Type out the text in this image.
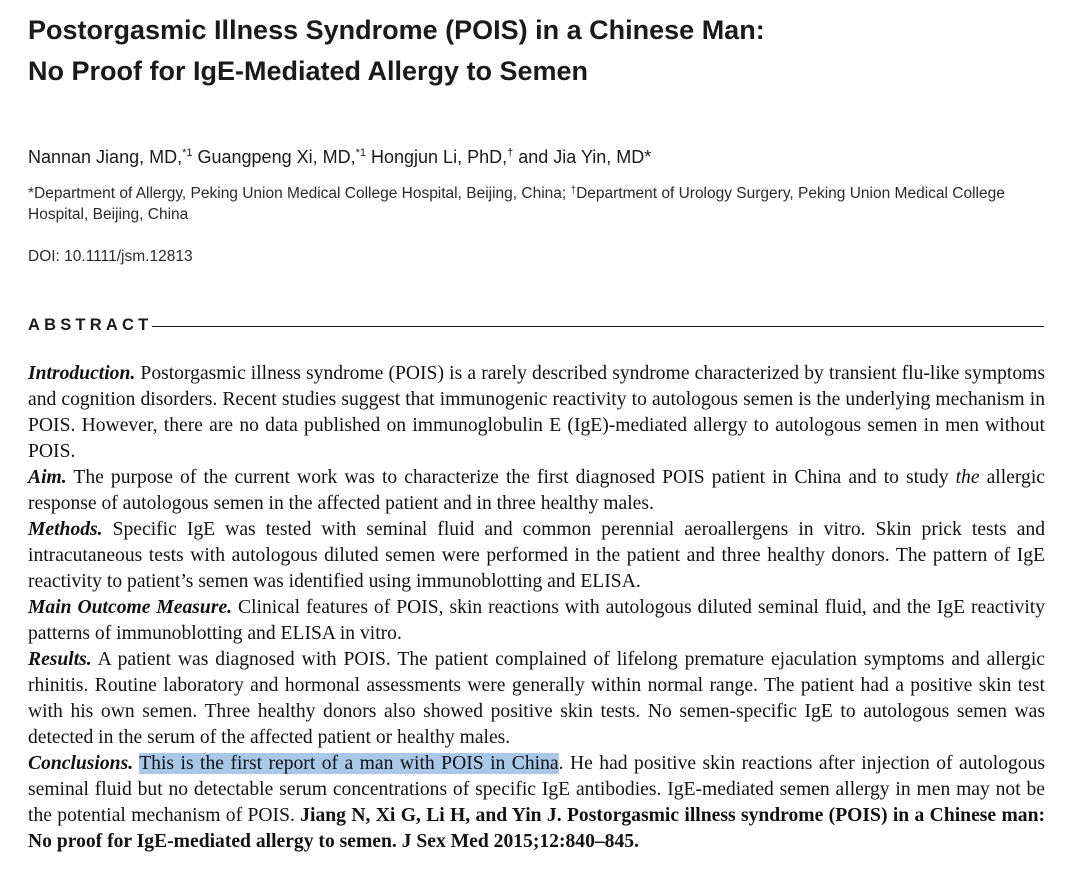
Postorgasmic Illness Syndrome (POIS) in a Chinese Man:
No Proof for IgE-Mediated Allergy to Semen
Nannan Jiang, MD,$^{*1}$ Guangpeng Xi, MD,$^{*1}$ Hongjun Li, PhD,† and Jia Yin, MD*
*Department of Allergy, Peking Union Medical College Hospital, Beijing, China; †Department of Urology Surgery, Peking Union Medical College Hospital, Beijing, China
DOI: 10.1111/jsm.12813
ABSTRACT

Introduction. Postorgasmic illness syndrome (POIS) is a rarely described syndrome characterized by transient flu-like symptoms and cognition disorders. Recent studies suggest that immunogenic reactivity to autologous semen is the underlying mechanism in POIS. However, there are no data published on immunoglobulin E (IgE)-mediated allergy to autologous semen in men without POIS.

Aim. The purpose of the current work was to characterize the first diagnosed POIS patient in China and to study the allergic response of autologous semen in the affected patient and in three healthy males.

Methods. Specific IgE was tested with seminal fluid and common perennial aeroallergens in vitro. Skin prick tests and intracutaneous tests with autologous diluted semen were performed in the patient and three healthy donors. The pattern of IgE reactivity to patient’s semen was identified using immunoblotting and ELISA.

Main Outcome Measure. Clinical features of POIS, skin reactions with autologous diluted seminal fluid, and the IgE reactivity patterns of immunoblotting and ELISA in vitro.

Results. A patient was diagnosed with POIS. The patient complained of lifelong premature ejaculation symptoms and allergic rhinitis. Routine laboratory and hormonal assessments were generally within normal range. The patient had a positive skin test with his own semen. Three healthy donors also showed positive skin tests. No semen-specific IgE to autologous semen was detected in the serum of the affected patient or healthy males.

Conclusions. This is the first report of a man with POIS in China. He had positive skin reactions after injection of autologous seminal fluid but no detectable serum concentrations of specific IgE antibodies. IgE-mediated semen allergy in men may not be the potential mechanism of POIS. Jiang N, Xi G, Li H, and Yin J. Postorgasmic illness syndrome (POIS) in a Chinese man: No proof for IgE-mediated allergy to semen. J Sex Med 2015;12:840–845.
